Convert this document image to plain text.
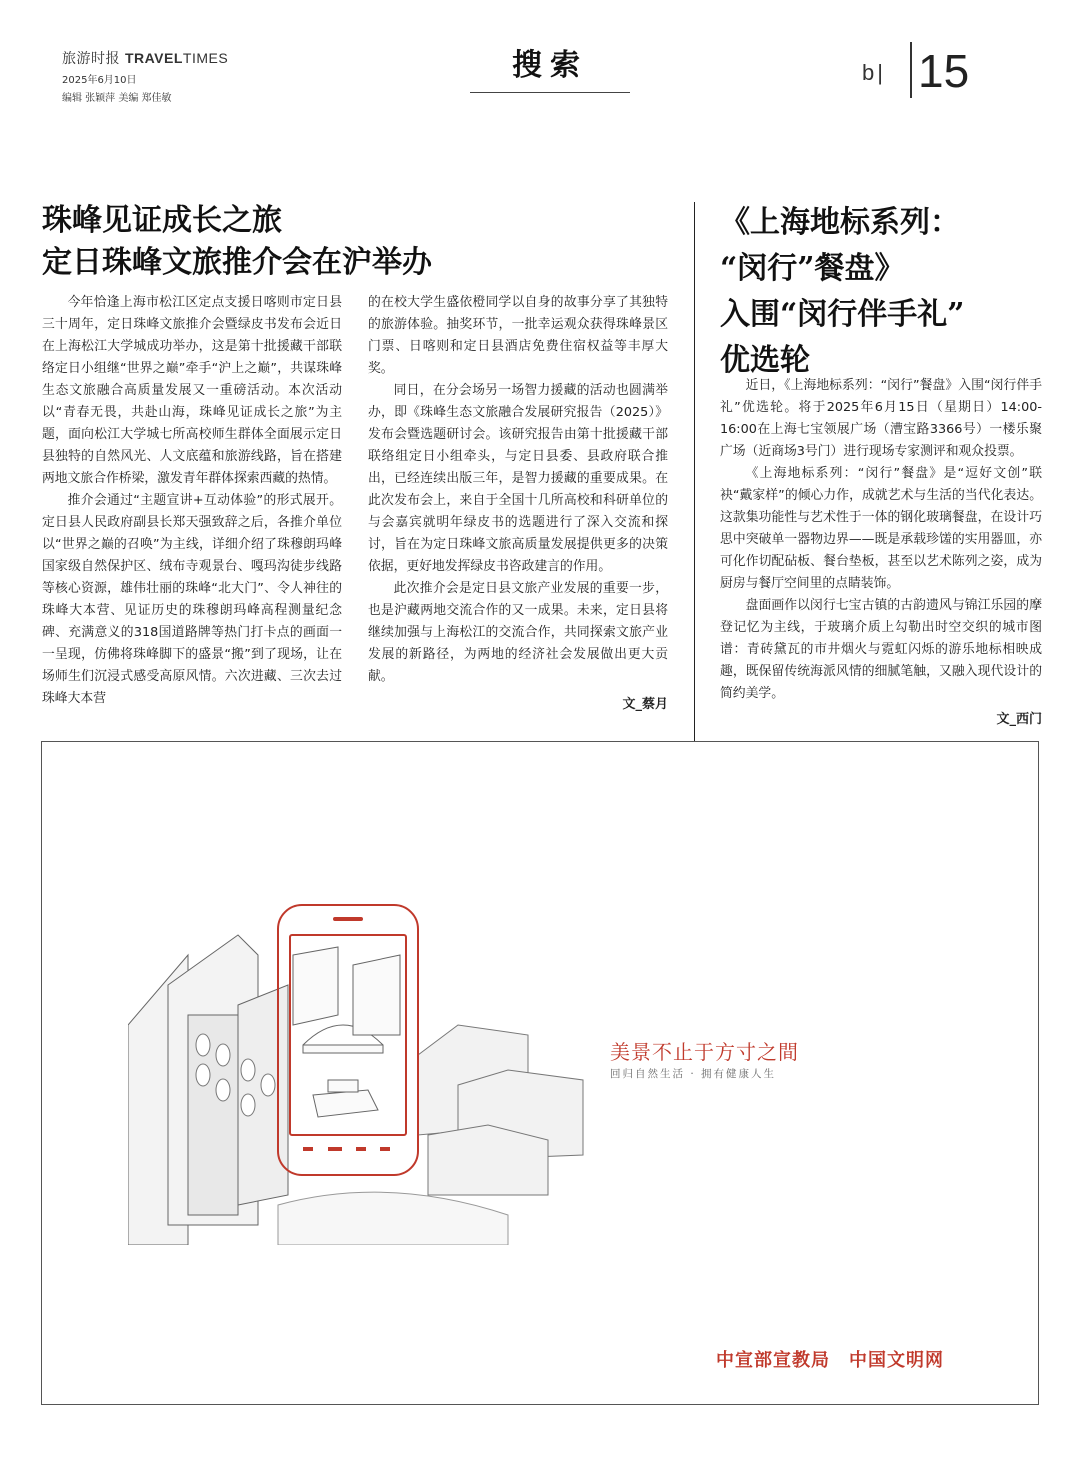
旅游时报 TRAVELTIMES
2025年6月10日
编辑 张颖萍 美编 郑佳敏
搜索	b| 15
珠峰见证成长之旅
定日珠峰文旅推介会在沪举办

今年恰逢上海市松江区定点支援日喀则市定日县三十周年，定日珠峰文旅推介会暨绿皮书发布会近日在上海松江大学城成功举办，这是第十批援藏干部联络定日小组继“世界之巅”牵手“沪上之巅”，共谋珠峰生态文旅融合高质量发展又一重磅活动。本次活动以“青春无畏，共赴山海，珠峰见证成长之旅”为主题，面向松江大学城七所高校师生群体全面展示定日县独特的自然风光、人文底蕴和旅游线路，旨在搭建两地文旅合作桥梁，激发青年群体探索西藏的热情。

推介会通过“主题宣讲+互动体验”的形式展开。定日县人民政府副县长郑天强致辞之后，各推介单位以“世界之巅的召唤”为主线，详细介绍了珠穆朗玛峰国家级自然保护区、绒布寺观景台、嘎玛沟徒步线路等核心资源，雄伟壮丽的珠峰“北大门”、令人神往的珠峰大本营、见证历史的珠穆朗玛峰高程测量纪念碑、充满意义的318国道路牌等热门打卡点的画面一一呈现，仿佛将珠峰脚下的盛景“搬”到了现场，让在场师生们沉浸式感受高原风情。六次进藏、三次去过珠峰大本营

的在校大学生盛依橙同学以自身的故事分享了其独特的旅游体验。抽奖环节，一批幸运观众获得珠峰景区门票、日喀则和定日县酒店免费住宿权益等丰厚大奖。

同日，在分会场另一场智力援藏的活动也圆满举办，即《珠峰生态文旅融合发展研究报告（2025）》发布会暨选题研讨会。该研究报告由第十批援藏干部联络组定日小组牵头，与定日县委、县政府联合推出，已经连续出版三年，是智力援藏的重要成果。在此次发布会上，来自于全国十几所高校和科研单位的与会嘉宾就明年绿皮书的选题进行了深入交流和探讨，旨在为定日珠峰文旅高质量发展提供更多的决策依据，更好地发挥绿皮书咨政建言的作用。

此次推介会是定日县文旅产业发展的重要一步，也是沪藏两地交流合作的又一成果。未来，定日县将继续加强与上海松江的交流合作，共同探索文旅产业发展的新路径，为两地的经济社会发展做出更大贡献。

文_蔡月
《上海地标系列：
“闵行”餐盘》
入围“闵行伴手礼”
优选轮

近日，《上海地标系列：“闵行”餐盘》入围“闵行伴手礼”优选轮。将于2025年6月15日（星期日）14:00-16:00在上海七宝领展广场（漕宝路3366号）一楼乐聚广场（近商场3号门）进行现场专家测评和观众投票。

《上海地标系列：“闵行”餐盘》是“逗好文创”联袂“戴家样”的倾心力作，成就艺术与生活的当代化表达。这款集功能性与艺术性于一体的钢化玻璃餐盘，在设计巧思中突破单一器物边界——既是承载珍馐的实用器皿，亦可化作切配砧板、餐台垫板，甚至以艺术陈列之姿，成为厨房与餐厅空间里的点睛装饰。

盘面画作以闵行七宝古镇的古韵遗风与锦江乐园的摩登记忆为主线，于玻璃介质上勾勒出时空交织的城市图谱：青砖黛瓦的市井烟火与霓虹闪烁的游乐地标相映成趣，既保留传统海派风情的细腻笔触，又融入现代设计的简约美学。

文_西门
美景不止于方寸之間
回归自然生活 · 拥有健康人生
中宣部宣教局　中国文明网
